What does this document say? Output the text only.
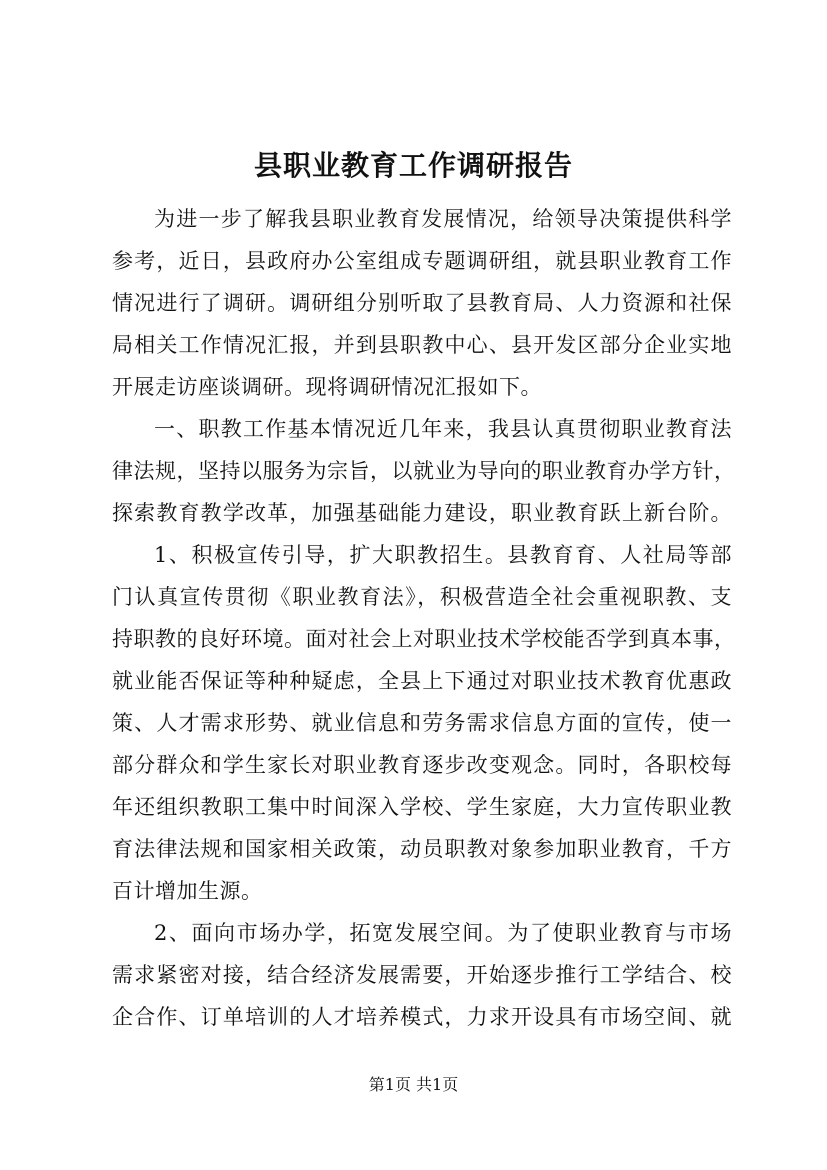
县职业教育工作调研报告
为进一步了解我县职业教育发展情况，给领导决策提供科学
参考，近日，县政府办公室组成专题调研组，就县职业教育工作
情况进行了调研。调研组分别听取了县教育局、人力资源和社保
局相关工作情况汇报，并到县职教中心、县开发区部分企业实地
开展走访座谈调研。现将调研情况汇报如下。
一、职教工作基本情况近几年来，我县认真贯彻职业教育法
律法规，坚持以服务为宗旨，以就业为导向的职业教育办学方针，
探索教育教学改革，加强基础能力建设，职业教育跃上新台阶。
1、积极宣传引导，扩大职教招生。县教育育、人社局等部
门认真宣传贯彻《职业教育法》，积极营造全社会重视职教、支
持职教的良好环境。面对社会上对职业技术学校能否学到真本事，
就业能否保证等种种疑虑，全县上下通过对职业技术教育优惠政
策、人才需求形势、就业信息和劳务需求信息方面的宣传，使一
部分群众和学生家长对职业教育逐步改变观念。同时，各职校每
年还组织教职工集中时间深入学校、学生家庭，大力宣传职业教
育法律法规和国家相关政策，动员职教对象参加职业教育，千方
百计增加生源。
2、面向市场办学，拓宽发展空间。为了使职业教育与市场
需求紧密对接，结合经济发展需要，开始逐步推行工学结合、校
企合作、订单培训的人才培养模式，力求开设具有市场空间、就
第1页 共1页
